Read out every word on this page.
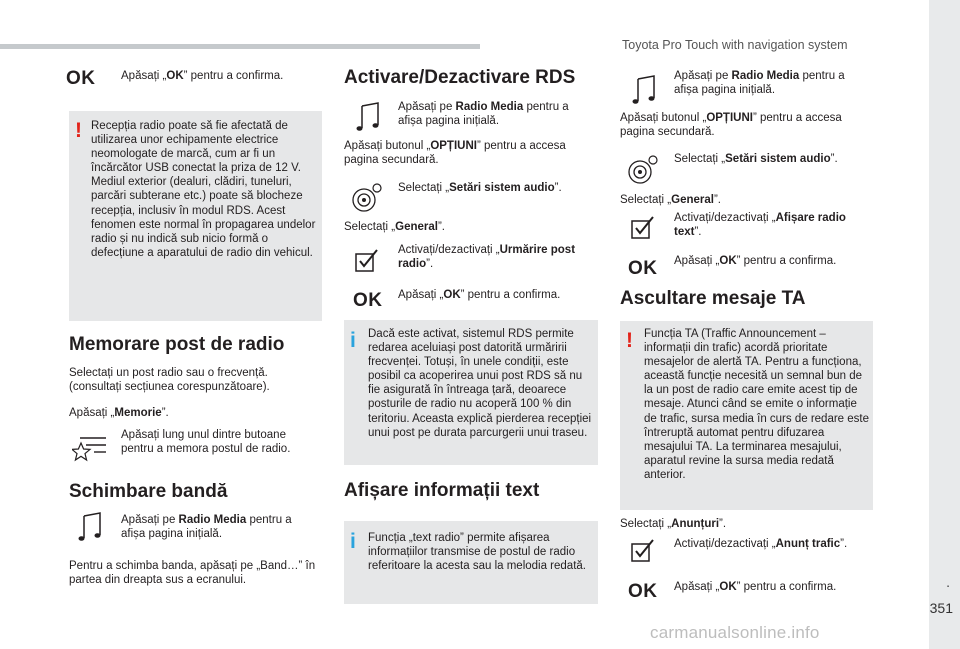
Toyota Pro Touch with navigation system
.
351
carmanualsonline.info
OK Apăsați „OK” pentru a confirma.
! Recepția radio poate să fie afectată de utilizarea unor echipamente electrice neomologate de marcă, cum ar fi un încărcător USB conectat la priza de 12 V. Mediul exterior (dealuri, clădiri, tuneluri, parcări subterane etc.) poate să blocheze recepția, inclusiv în modul RDS. Acest fenomen este normal în propagarea undelor radio și nu indică sub nicio formă o defecțiune a aparatului de radio din vehicul.
Memorare post de radio
Selectați un post radio sau o frecvență. (consultați secțiunea corespunzătoare).
Apăsați „Memorie”.
Apăsați lung unul dintre butoane pentru a memora postul de radio.
Schimbare bandă
Apăsați pe Radio Media pentru a afișa pagina inițială.
Pentru a schimba banda, apăsați pe „Band…” în partea din dreapta sus a ecranului.
Activare/Dezactivare RDS
Apăsați pe Radio Media pentru a afișa pagina inițială.
Apăsați butonul „OPȚIUNI” pentru a accesa pagina secundară.
Selectați „Setări sistem audio”.
Selectați „General”.
Activați/dezactivați „Urmărire post radio”.
OK Apăsați „OK” pentru a confirma.
i Dacă este activat, sistemul RDS permite redarea aceluiași post datorită urmăririi frecvenței. Totuși, în unele condiții, este posibil ca acoperirea unui post RDS să nu fie asigurată în întreaga țară, deoarece posturile de radio nu acoperă 100 % din teritoriu. Aceasta explică pierderea recepției unui post pe durata parcurgerii unui traseu.
Afișare informații text
i Funcția „text radio” permite afișarea informațiilor transmise de postul de radio referitoare la acesta sau la melodia redată.
Apăsați pe Radio Media pentru a afișa pagina inițială.
Apăsați butonul „OPȚIUNI” pentru a accesa pagina secundară.
Selectați „Setări sistem audio”.
Selectați „General”.
Activați/dezactivați „Afișare radio text”.
OK Apăsați „OK” pentru a confirma.
Ascultare mesaje TA
! Funcția TA (Traffic Announcement – informații din trafic) acordă prioritate mesajelor de alertă TA. Pentru a funcționa, această funcție necesită un semnal bun de la un post de radio care emite acest tip de mesaje. Atunci când se emite o informație de trafic, sursa media în curs de redare este întreruptă automat pentru difuzarea mesajului TA. La terminarea mesajului, aparatul revine la sursa media redată anterior.
Selectați „Anunțuri”.
Activați/dezactivați „Anunț trafic”.
OK Apăsați „OK” pentru a confirma.
